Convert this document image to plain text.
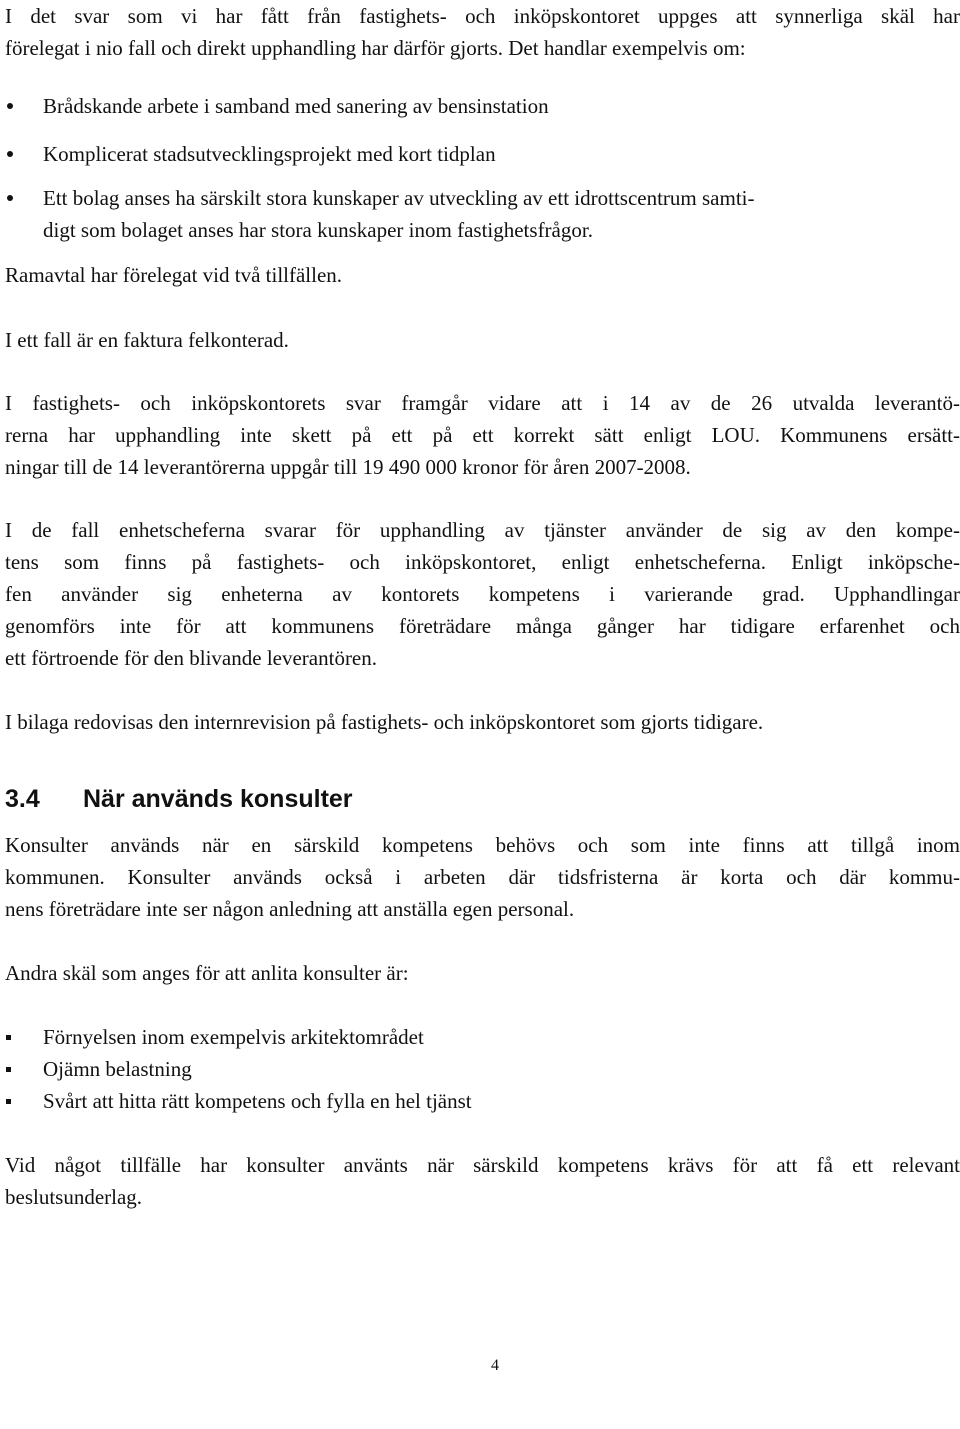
I det svar som vi har fått från fastighets- och inköpskontoret uppges att synnerliga skäl har
förelegat i nio fall och direkt upphandling har därför gjorts. Det handlar exempelvis om:

Brådskande arbete i samband med sanering av bensinstation
Komplicerat stadsutvecklingsprojekt med kort tidplan
Ett bolag anses ha särskilt stora kunskaper av utveckling av ett idrottscentrum samti-
digt som bolaget anses har stora kunskaper inom fastighetsfrågor.

Ramavtal har förelegat vid två tillfällen.

I ett fall är en faktura felkonterad.

I fastighets- och inköpskontorets svar framgår vidare att i 14 av de 26 utvalda leverantö-
rerna har upphandling inte skett på ett på ett korrekt sätt enligt LOU. Kommunens ersätt-
ningar till de 14 leverantörerna uppgår till 19 490 000 kronor för åren 2007-2008.

I de fall enhetscheferna svarar för upphandling av tjänster använder de sig av den kompe-
tens som finns på fastighets- och inköpskontoret, enligt enhetscheferna. Enligt inköpsche-
fen använder sig enheterna av kontorets kompetens i varierande grad. Upphandlingar
genomförs inte för att kommunens företrädare många gånger har tidigare erfarenhet och
ett förtroende för den blivande leverantören.

I bilaga redovisas den internrevision på fastighets- och inköpskontoret som gjorts tidigare.

3.4 När används konsulter

Konsulter används när en särskild kompetens behövs och som inte finns att tillgå inom
kommunen. Konsulter används också i arbeten där tidsfristerna är korta och där kommu-
nens företrädare inte ser någon anledning att anställa egen personal.

Andra skäl som anges för att anlita konsulter är:

Förnyelsen inom exempelvis arkitektområdet
Ojämn belastning
Svårt att hitta rätt kompetens och fylla en hel tjänst

Vid något tillfälle har konsulter använts när särskild kompetens krävs för att få ett relevant
beslutsunderlag.

4
